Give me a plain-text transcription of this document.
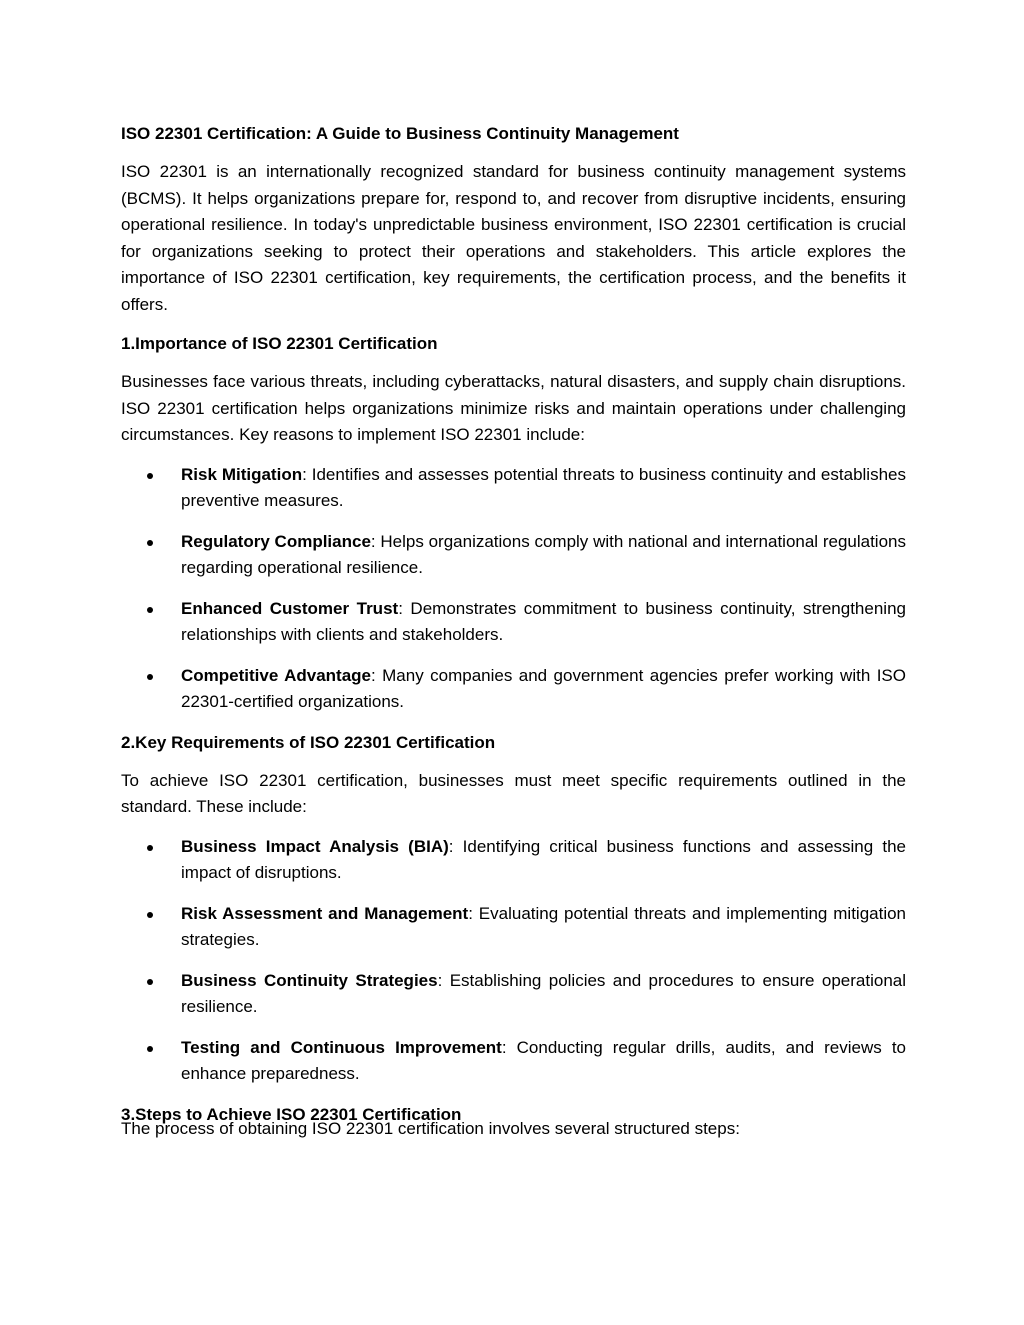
ISO 22301 Certification: A Guide to Business Continuity Management

ISO 22301 is an internationally recognized standard for business continuity management systems (BCMS). It helps organizations prepare for, respond to, and recover from disruptive incidents, ensuring operational resilience. In today's unpredictable business environment, ISO 22301 certification is crucial for organizations seeking to protect their operations and stakeholders. This article explores the importance of ISO 22301 certification, key requirements, the certification process, and the benefits it offers.

1.Importance of ISO 22301 Certification

Businesses face various threats, including cyberattacks, natural disasters, and supply chain disruptions. ISO 22301 certification helps organizations minimize risks and maintain operations under challenging circumstances. Key reasons to implement ISO 22301 include:

Risk Mitigation: Identifies and assesses potential threats to business continuity and establishes preventive measures.
Regulatory Compliance: Helps organizations comply with national and international regulations regarding operational resilience.
Enhanced Customer Trust: Demonstrates commitment to business continuity, strengthening relationships with clients and stakeholders.
Competitive Advantage: Many companies and government agencies prefer working with ISO 22301-certified organizations.
2.Key Requirements of ISO 22301 Certification

To achieve ISO 22301 certification, businesses must meet specific requirements outlined in the standard. These include:

Business Impact Analysis (BIA): Identifying critical business functions and assessing the impact of disruptions.
Risk Assessment and Management: Evaluating potential threats and implementing mitigation strategies.
Business Continuity Strategies: Establishing policies and procedures to ensure operational resilience.
Testing and Continuous Improvement: Conducting regular drills, audits, and reviews to enhance preparedness.
3.Steps to Achieve ISO 22301 Certification

The process of obtaining ISO 22301 certification involves several structured steps:
